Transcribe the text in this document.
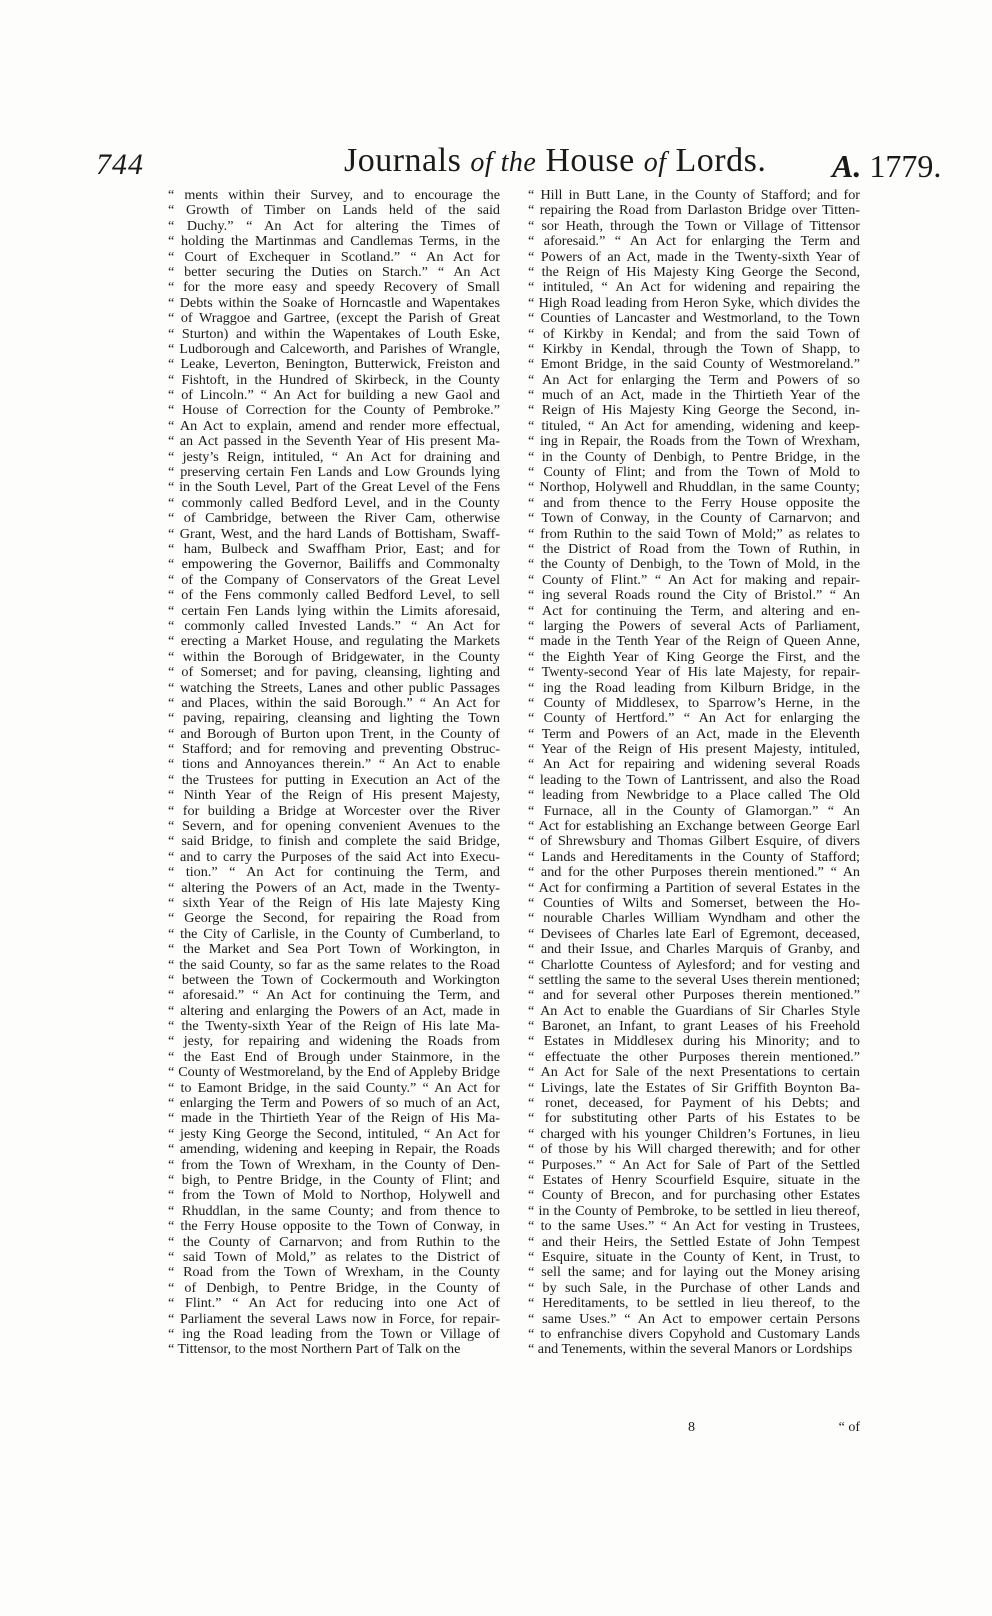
744	Journals of the House of Lords. A. 1779.
“ ments within their Survey, and to encourage the
“ Growth of Timber on Lands held of the said
“ Duchy.” “ An Act for altering the Times of
“ holding the Martinmas and Candlemas Terms, in the
“ Court of Exchequer in Scotland.” “ An Act for
“ better securing the Duties on Starch.” “ An Act
“ for the more easy and speedy Recovery of Small
“ Debts within the Soake of Horncastle and Wapentakes
“ of Wraggoe and Gartree, (except the Parish of Great
“ Sturton) and within the Wapentakes of Louth Eske,
“ Ludborough and Calceworth, and Parishes of Wrangle,
“ Leake, Leverton, Benington, Butterwick, Freiston and
“ Fishtoft, in the Hundred of Skirbeck, in the County
“ of Lincoln.” “ An Act for building a new Gaol and
“ House of Correction for the County of Pembroke.”
“ An Act to explain, amend and render more effectual,
“ an Act passed in the Seventh Year of His present Ma-
“ jesty’s Reign, intituled, “ An Act for draining and
“ preserving certain Fen Lands and Low Grounds lying
“ in the South Level, Part of the Great Level of the Fens
“ commonly called Bedford Level, and in the County
“ of Cambridge, between the River Cam, otherwise
“ Grant, West, and the hard Lands of Bottisham, Swaff-
“ ham, Bulbeck and Swaffham Prior, East; and for
“ empowering the Governor, Bailiffs and Commonalty
“ of the Company of Conservators of the Great Level
“ of the Fens commonly called Bedford Level, to sell
“ certain Fen Lands lying within the Limits aforesaid,
“ commonly called Invested Lands.” “ An Act for
“ erecting a Market House, and regulating the Markets
“ within the Borough of Bridgewater, in the County
“ of Somerset; and for paving, cleansing, lighting and
“ watching the Streets, Lanes and other public Passages
“ and Places, within the said Borough.” “ An Act for
“ paving, repairing, cleansing and lighting the Town
“ and Borough of Burton upon Trent, in the County of
“ Stafford; and for removing and preventing Obstruc-
“ tions and Annoyances therein.” “ An Act to enable
“ the Trustees for putting in Execution an Act of the
“ Ninth Year of the Reign of His present Majesty,
“ for building a Bridge at Worcester over the River
“ Severn, and for opening convenient Avenues to the
“ said Bridge, to finish and complete the said Bridge,
“ and to carry the Purposes of the said Act into Execu-
“ tion.” “ An Act for continuing the Term, and
“ altering the Powers of an Act, made in the Twenty-
“ sixth Year of the Reign of His late Majesty King
“ George the Second, for repairing the Road from
“ the City of Carlisle, in the County of Cumberland, to
“ the Market and Sea Port Town of Workington, in
“ the said County, so far as the same relates to the Road
“ between the Town of Cockermouth and Workington
“ aforesaid.” “ An Act for continuing the Term, and
“ altering and enlarging the Powers of an Act, made in
“ the Twenty-sixth Year of the Reign of His late Ma-
“ jesty, for repairing and widening the Roads from
“ the East End of Brough under Stainmore, in the
“ County of Westmoreland, by the End of Appleby Bridge
“ to Eamont Bridge, in the said County.” “ An Act for
“ enlarging the Term and Powers of so much of an Act,
“ made in the Thirtieth Year of the Reign of His Ma-
“ jesty King George the Second, intituled, “ An Act for
“ amending, widening and keeping in Repair, the Roads
“ from the Town of Wrexham, in the County of Den-
“ bigh, to Pentre Bridge, in the County of Flint; and
“ from the Town of Mold to Northop, Holywell and
“ Rhuddlan, in the same County; and from thence to
“ the Ferry House opposite to the Town of Conway, in
“ the County of Carnarvon; and from Ruthin to the
“ said Town of Mold,” as relates to the District of
“ Road from the Town of Wrexham, in the County
“ of Denbigh, to Pentre Bridge, in the County of
“ Flint.” “ An Act for reducing into one Act of
“ Parliament the several Laws now in Force, for repair-
“ ing the Road leading from the Town or Village of
“ Tittensor, to the most Northern Part of Talk on the
“ Hill in Butt Lane, in the County of Stafford; and for
“ repairing the Road from Darlaston Bridge over Titten-
“ sor Heath, through the Town or Village of Tittensor
“ aforesaid.” “ An Act for enlarging the Term and
“ Powers of an Act, made in the Twenty-sixth Year of
“ the Reign of His Majesty King George the Second,
“ intituled, “ An Act for widening and repairing the
“ High Road leading from Heron Syke, which divides the
“ Counties of Lancaster and Westmorland, to the Town
“ of Kirkby in Kendal; and from the said Town of
“ Kirkby in Kendal, through the Town of Shapp, to
“ Emont Bridge, in the said County of Westmoreland.”
“ An Act for enlarging the Term and Powers of so
“ much of an Act, made in the Thirtieth Year of the
“ Reign of His Majesty King George the Second, in-
“ tituled, “ An Act for amending, widening and keep-
“ ing in Repair, the Roads from the Town of Wrexham,
“ in the County of Denbigh, to Pentre Bridge, in the
“ County of Flint; and from the Town of Mold to
“ Northop, Holywell and Rhuddlan, in the same County;
“ and from thence to the Ferry House opposite the
“ Town of Conway, in the County of Carnarvon; and
“ from Ruthin to the said Town of Mold;” as relates to
“ the District of Road from the Town of Ruthin, in
“ the County of Denbigh, to the Town of Mold, in the
“ County of Flint.” “ An Act for making and repair-
“ ing several Roads round the City of Bristol.” “ An
“ Act for continuing the Term, and altering and en-
“ larging the Powers of several Acts of Parliament,
“ made in the Tenth Year of the Reign of Queen Anne,
“ the Eighth Year of King George the First, and the
“ Twenty-second Year of His late Majesty, for repair-
“ ing the Road leading from Kilburn Bridge, in the
“ County of Middlesex, to Sparrow’s Herne, in the
“ County of Hertford.” “ An Act for enlarging the
“ Term and Powers of an Act, made in the Eleventh
“ Year of the Reign of His present Majesty, intituled,
“ An Act for repairing and widening several Roads
“ leading to the Town of Lantrissent, and also the Road
“ leading from Newbridge to a Place called The Old
“ Furnace, all in the County of Glamorgan.” “ An
“ Act for establishing an Exchange between George Earl
“ of Shrewsbury and Thomas Gilbert Esquire, of divers
“ Lands and Hereditaments in the County of Stafford;
“ and for the other Purposes therein mentioned.” “ An
“ Act for confirming a Partition of several Estates in the
“ Counties of Wilts and Somerset, between the Ho-
“ nourable Charles William Wyndham and other the
“ Devisees of Charles late Earl of Egremont, deceased,
“ and their Issue, and Charles Marquis of Granby, and
“ Charlotte Countess of Aylesford; and for vesting and
“ settling the same to the several Uses therein mentioned;
“ and for several other Purposes therein mentioned.”
“ An Act to enable the Guardians of Sir Charles Style
“ Baronet, an Infant, to grant Leases of his Freehold
“ Estates in Middlesex during his Minority; and to
“ effectuate the other Purposes therein mentioned.”
“ An Act for Sale of the next Presentations to certain
“ Livings, late the Estates of Sir Griffith Boynton Ba-
“ ronet, deceased, for Payment of his Debts; and
“ for substituting other Parts of his Estates to be
“ charged with his younger Children’s Fortunes, in lieu
“ of those by his Will charged therewith; and for other
“ Purposes.” “ An Act for Sale of Part of the Settled
“ Estates of Henry Scourfield Esquire, situate in the
“ County of Brecon, and for purchasing other Estates
“ in the County of Pembroke, to be settled in lieu thereof,
“ to the same Uses.” “ An Act for vesting in Trustees,
“ and their Heirs, the Settled Estate of John Tempest
“ Esquire, situate in the County of Kent, in Trust, to
“ sell the same; and for laying out the Money arising
“ by such Sale, in the Purchase of other Lands and
“ Hereditaments, to be settled in lieu thereof, to the
“ same Uses.” “ An Act to empower certain Persons
“ to enfranchise divers Copyhold and Customary Lands
“ and Tenements, within the several Manors or Lordships
8	“ of
